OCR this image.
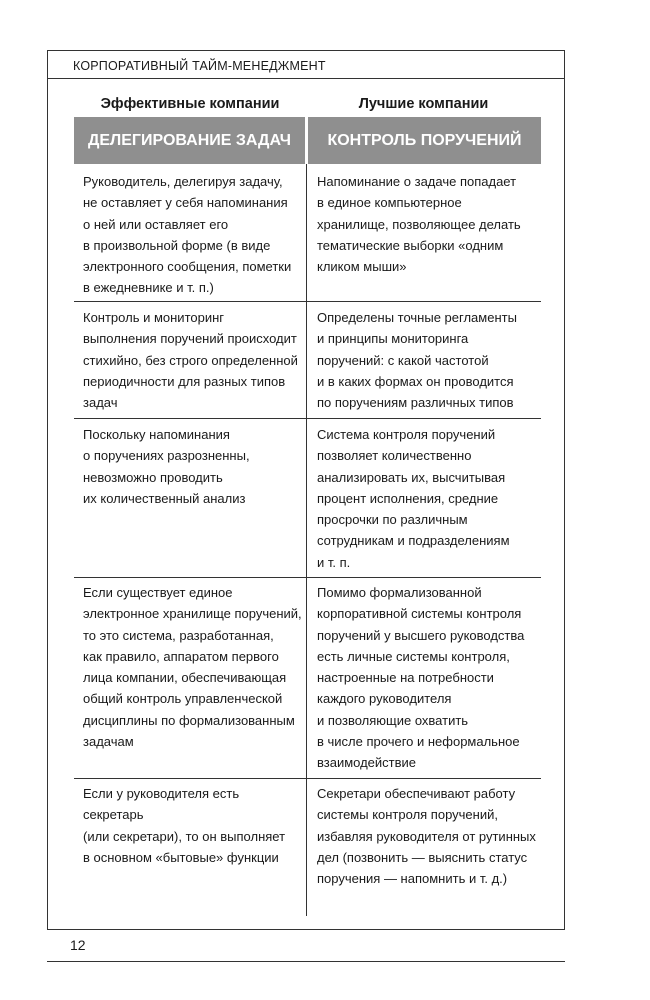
КОРПОРАТИВНЫЙ ТАЙМ-МЕНЕДЖМЕНТ
Эффективные компании	Лучшие компании
ДЕЛЕГИРОВАНИЕ ЗАДАЧ	КОНТРОЛЬ ПОРУЧЕНИЙ
Руководитель, делегируя задачу,
не оставляет у себя напоминания
о ней или оставляет его
в произвольной форме (в виде
электронного сообщения, пометки
в ежедневнике и т. п.)
Напоминание о задаче попадает
в единое компьютерное
хранилище, позволяющее делать
тематические выборки «одним
кликом мыши»
Контроль и мониторинг
выполнения поручений происходит
стихийно, без строго определенной
периодичности для разных типов
задач
Определены точные регламенты
и принципы мониторинга
поручений: с какой частотой
и в каких формах он проводится
по поручениям различных типов
Поскольку напоминания
о поручениях разрозненны,
невозможно проводить
их количественный анализ
Система контроля поручений
позволяет количественно
анализировать их, высчитывая
процент исполнения, средние
просрочки по различным
сотрудникам и подразделениям
и т. п.
Если существует единое
электронное хранилище поручений,
то это система, разработанная,
как правило, аппаратом первого
лица компании, обеспечивающая
общий контроль управленческой
дисциплины по формализованным
задачам
Помимо формализованной
корпоративной системы контроля
поручений у высшего руководства
есть личные системы контроля,
настроенные на потребности
каждого руководителя
и позволяющие охватить
в числе прочего и неформальное
взаимодействие
Если у руководителя есть секретарь
(или секретари), то он выполняет
в основном «бытовые» функции
Секретари обеспечивают работу
системы контроля поручений,
избавляя руководителя от рутинных
дел (позвонить — выяснить статус
поручения — напомнить и т. д.)
12
